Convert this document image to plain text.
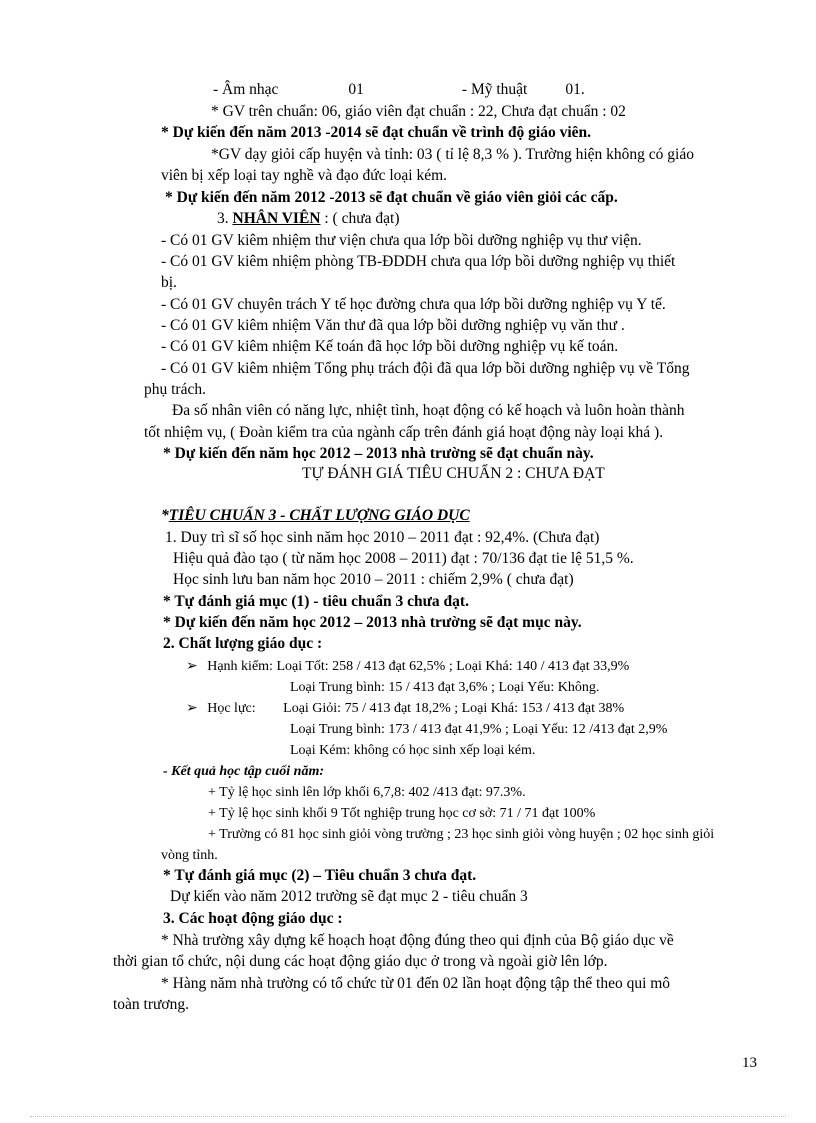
- Âm nhạc	01	- Mỹ thuật 01.
* GV trên chuẩn: 06, giáo viên đạt chuẩn : 22, Chưa đạt chuẩn : 02
* Dự kiến đến năm 2013 -2014 sẽ đạt chuẩn về trình độ giáo viên.
*GV dạy giỏi cấp huyện và tỉnh: 03 ( tỉ lệ 8,3 % ). Trường hiện không có giáo
viên bị xếp loại tay nghề và đạo đức loại kém.
* Dự kiến đến năm 2012 -2013 sẽ đạt chuẩn về giáo viên giỏi các cấp.
3. NHÂN VIÊN : ( chưa đạt)
- Có 01 GV kiêm nhiệm thư viện chưa qua lớp bồi dưỡng nghiệp vụ thư viện.
- Có 01 GV kiêm nhiệm phòng TB-ĐDDH chưa qua lớp bồi dưỡng nghiệp vụ thiết
bị.
- Có 01 GV chuyên trách Y tế học đường chưa qua lớp bồi dưỡng nghiệp vụ Y tế.
- Có 01 GV kiêm nhiệm Văn thư đã qua lớp bồi dưỡng nghiệp vụ văn thư .
- Có 01 GV kiêm nhiệm Kế toán đã học lớp bồi dưỡng nghiệp vụ kế toán.
- Có 01 GV kiêm nhiệm Tổng phụ trách đội đã qua lớp bồi dưỡng nghiệp vụ về Tổng
phụ trách.
Đa số nhân viên có năng lực, nhiệt tình, hoạt động có kế hoạch và luôn hoàn thành
tốt nhiệm vụ, ( Đoàn kiểm tra của ngành cấp trên đánh giá hoạt động này loại khá ).
* Dự kiến đến năm học 2012 – 2013 nhà trường sẽ đạt chuẩn này.
TỰ ĐÁNH GIÁ TIÊU CHUẨN 2 : CHƯA ĐẠT
*TIÊU CHUẨN 3 - CHẤT LƯỢNG GIÁO DỤC
1. Duy trì sĩ số học sinh năm học 2010 – 2011 đạt : 92,4%. (Chưa đạt)
Hiệu quả đào tạo ( từ năm học 2008 – 2011) đạt : 70/136 đạt tie lệ 51,5 %.
Học sinh lưu ban năm học 2010 – 2011 : chiếm 2,9% ( chưa đạt)
* Tự đánh giá mục (1) - tiêu chuẩn 3 chưa đạt.
* Dự kiến đến năm học 2012 – 2013 nhà trường sẽ đạt mục này.
2. Chất lượng giáo dục :
➢ Hạnh kiểm: Loại Tốt: 258 / 413 đạt 62,5% ; Loại Khá: 140 / 413 đạt 33,9%
Loại Trung bình: 15 / 413 đạt 3,6% ; Loại Yếu: Không.
➢ Học lực: Loại Giỏi: 75 / 413 đạt 18,2% ; Loại Khá: 153 / 413 đạt 38%
Loại Trung bình: 173 / 413 đạt 41,9% ; Loại Yếu: 12 /413 đạt 2,9%
Loại Kém: không có học sinh xếp loại kém.
- Kết quả học tập cuối năm:
+ Tỷ lệ học sinh lên lớp khối 6,7,8: 402 /413 đạt: 97.3%.
+ Tỷ lệ học sinh khối 9 Tốt nghiệp trung học cơ sở: 71 / 71 đạt 100%
+ Trường có 81 học sinh giỏi vòng trường ; 23 học sinh giỏi vòng huyện ; 02 học sinh giỏi
vòng tỉnh.
* Tự đánh giá mục (2) – Tiêu chuẩn 3 chưa đạt.
Dự kiến vào năm 2012 trường sẽ đạt mục 2 - tiêu chuẩn 3
3. Các hoạt động giáo dục :
* Nhà trường xây dựng kế hoạch hoạt động đúng theo qui định của Bộ giáo dục về
thời gian tổ chức, nội dung các hoạt động giáo dục ở trong và ngoài giờ lên lớp.
* Hàng năm nhà trường có tổ chức từ 01 đến 02 lần hoạt động tập thể theo qui mô
toàn trương.
13
